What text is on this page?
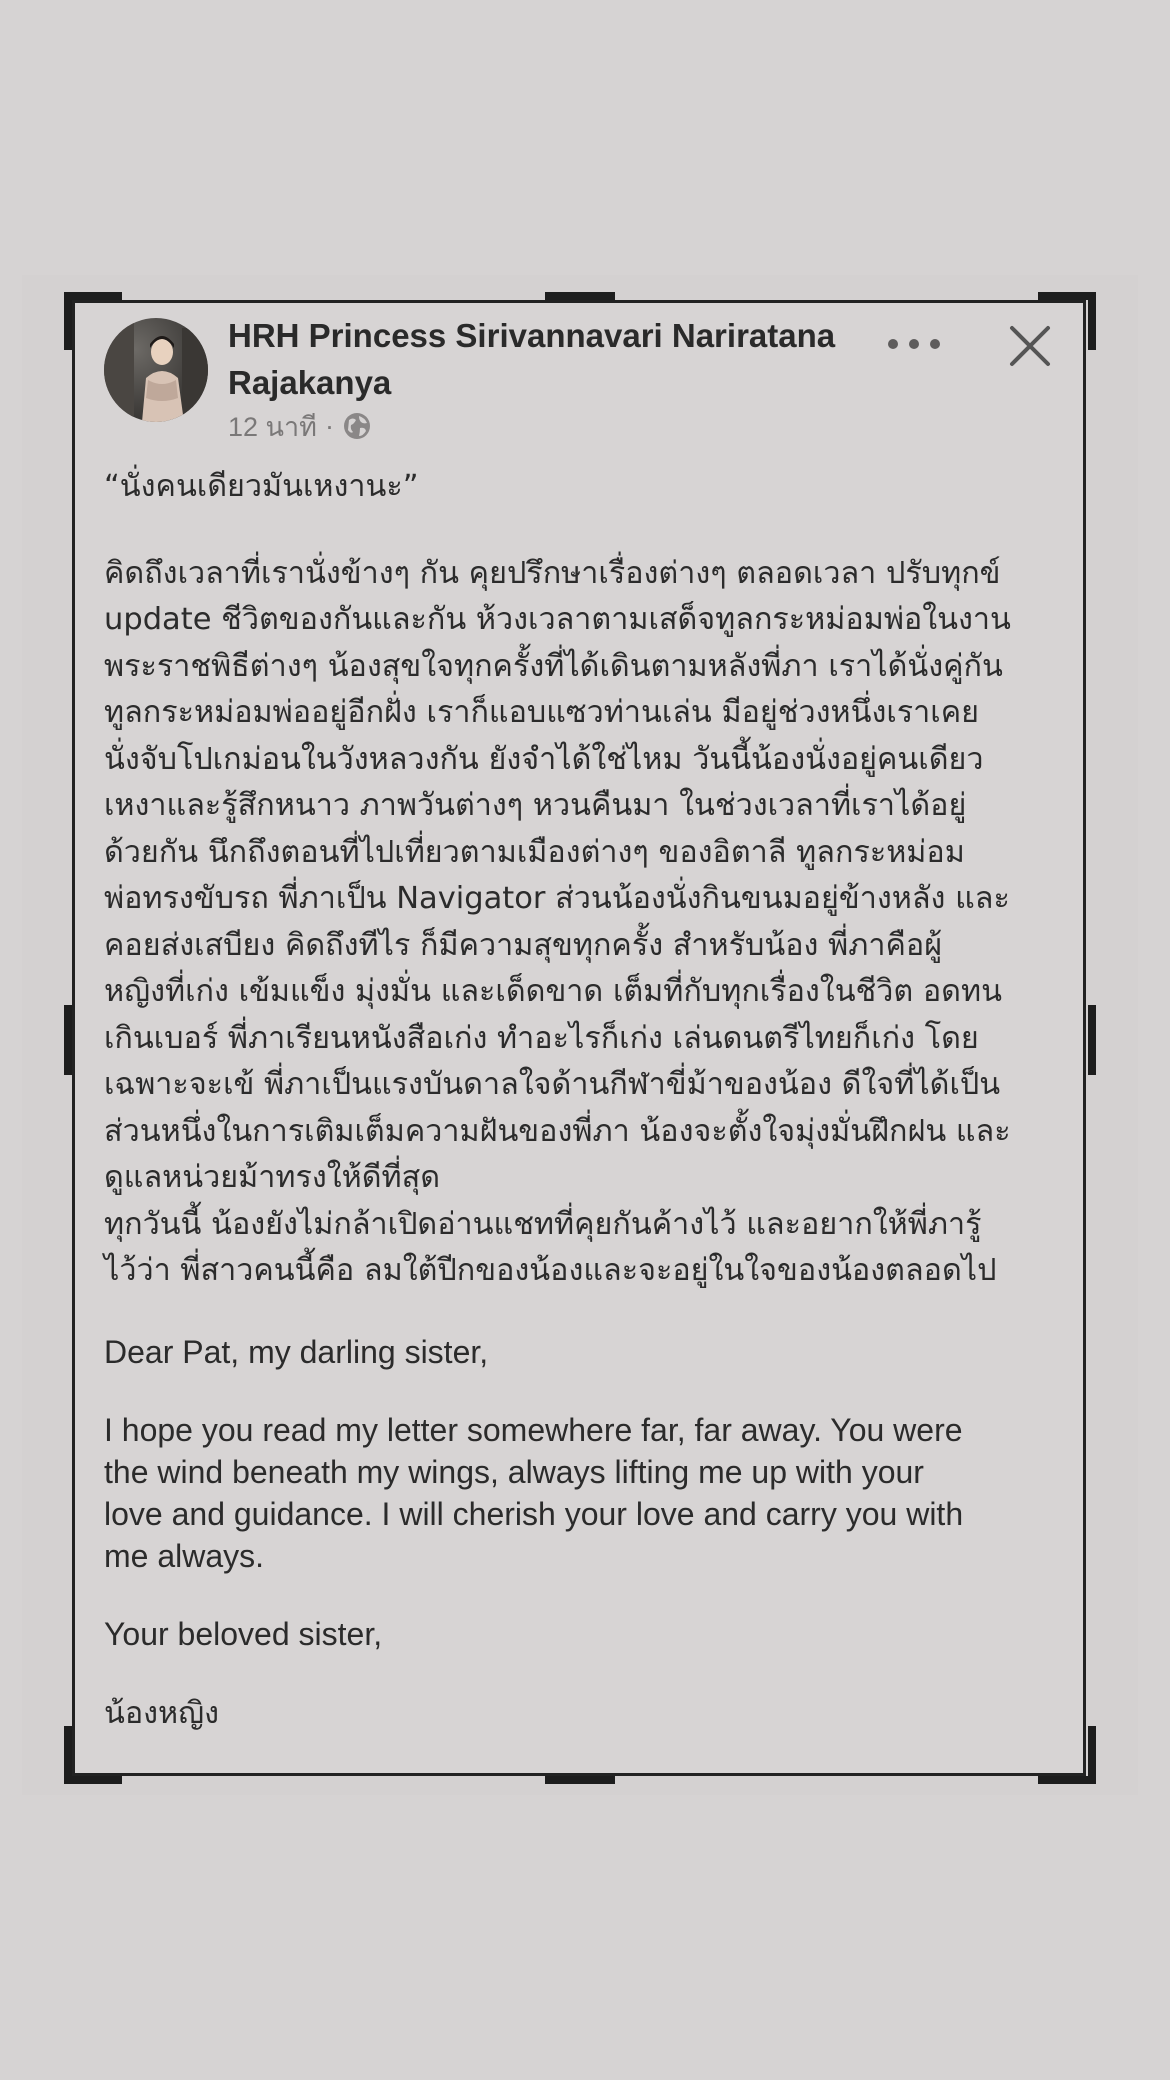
HRH Princess Sirivannavari Nariratana Rajakanya
12 นาที ·

“นั่งคนเดียวมันเหงานะ”

คิดถึงเวลาที่เรานั่งข้างๆ กัน คุยปรึกษาเรื่องต่างๆ ตลอดเวลา ปรับทุกข์
update ชีวิตของกันและกัน ห้วงเวลาตามเสด็จทูลกระหม่อมพ่อในงาน
พระราชพิธีต่างๆ น้องสุขใจทุกครั้งที่ได้เดินตามหลังพี่ภา เราได้นั่งคู่กัน
ทูลกระหม่อมพ่ออยู่อีกฝั่ง เราก็แอบแซวท่านเล่น มีอยู่ช่วงหนึ่งเราเคย
นั่งจับโปเกม่อนในวังหลวงกัน ยังจำได้ใช่ไหม วันนี้น้องนั่งอยู่คนเดียว
เหงาและรู้สึกหนาว ภาพวันต่างๆ หวนคืนมา ในช่วงเวลาที่เราได้อยู่
ด้วยกัน นึกถึงตอนที่ไปเที่ยวตามเมืองต่างๆ ของอิตาลี ทูลกระหม่อม
พ่อทรงขับรถ พี่ภาเป็น Navigator ส่วนน้องนั่งกินขนมอยู่ข้างหลัง และ
คอยส่งเสบียง คิดถึงทีไร ก็มีความสุขทุกครั้ง สำหรับน้อง พี่ภาคือผู้
หญิงที่เก่ง เข้มแข็ง มุ่งมั่น และเด็ดขาด เต็มที่กับทุกเรื่องในชีวิต อดทน
เกินเบอร์ พี่ภาเรียนหนังสือเก่ง ทำอะไรก็เก่ง เล่นดนตรีไทยก็เก่ง โดย
เฉพาะจะเข้ พี่ภาเป็นแรงบันดาลใจด้านกีฬาขี่ม้าของน้อง ดีใจที่ได้เป็น
ส่วนหนึ่งในการเติมเต็มความฝันของพี่ภา น้องจะตั้งใจมุ่งมั่นฝึกฝน และ
ดูแลหน่วยม้าทรงให้ดีที่สุด

ทุกวันนี้ น้องยังไม่กล้าเปิดอ่านแชทที่คุยกันค้างไว้ และอยากให้พี่ภารู้
ไว้ว่า พี่สาวคนนี้คือ ลมใต้ปีกของน้องและจะอยู่ในใจของน้องตลอดไป

Dear Pat, my darling sister,

I hope you read my letter somewhere far, far away. You were
the wind beneath my wings, always lifting me up with your
love and guidance. I will cherish your love and carry you with
me always.

Your beloved sister,

น้องหญิง
